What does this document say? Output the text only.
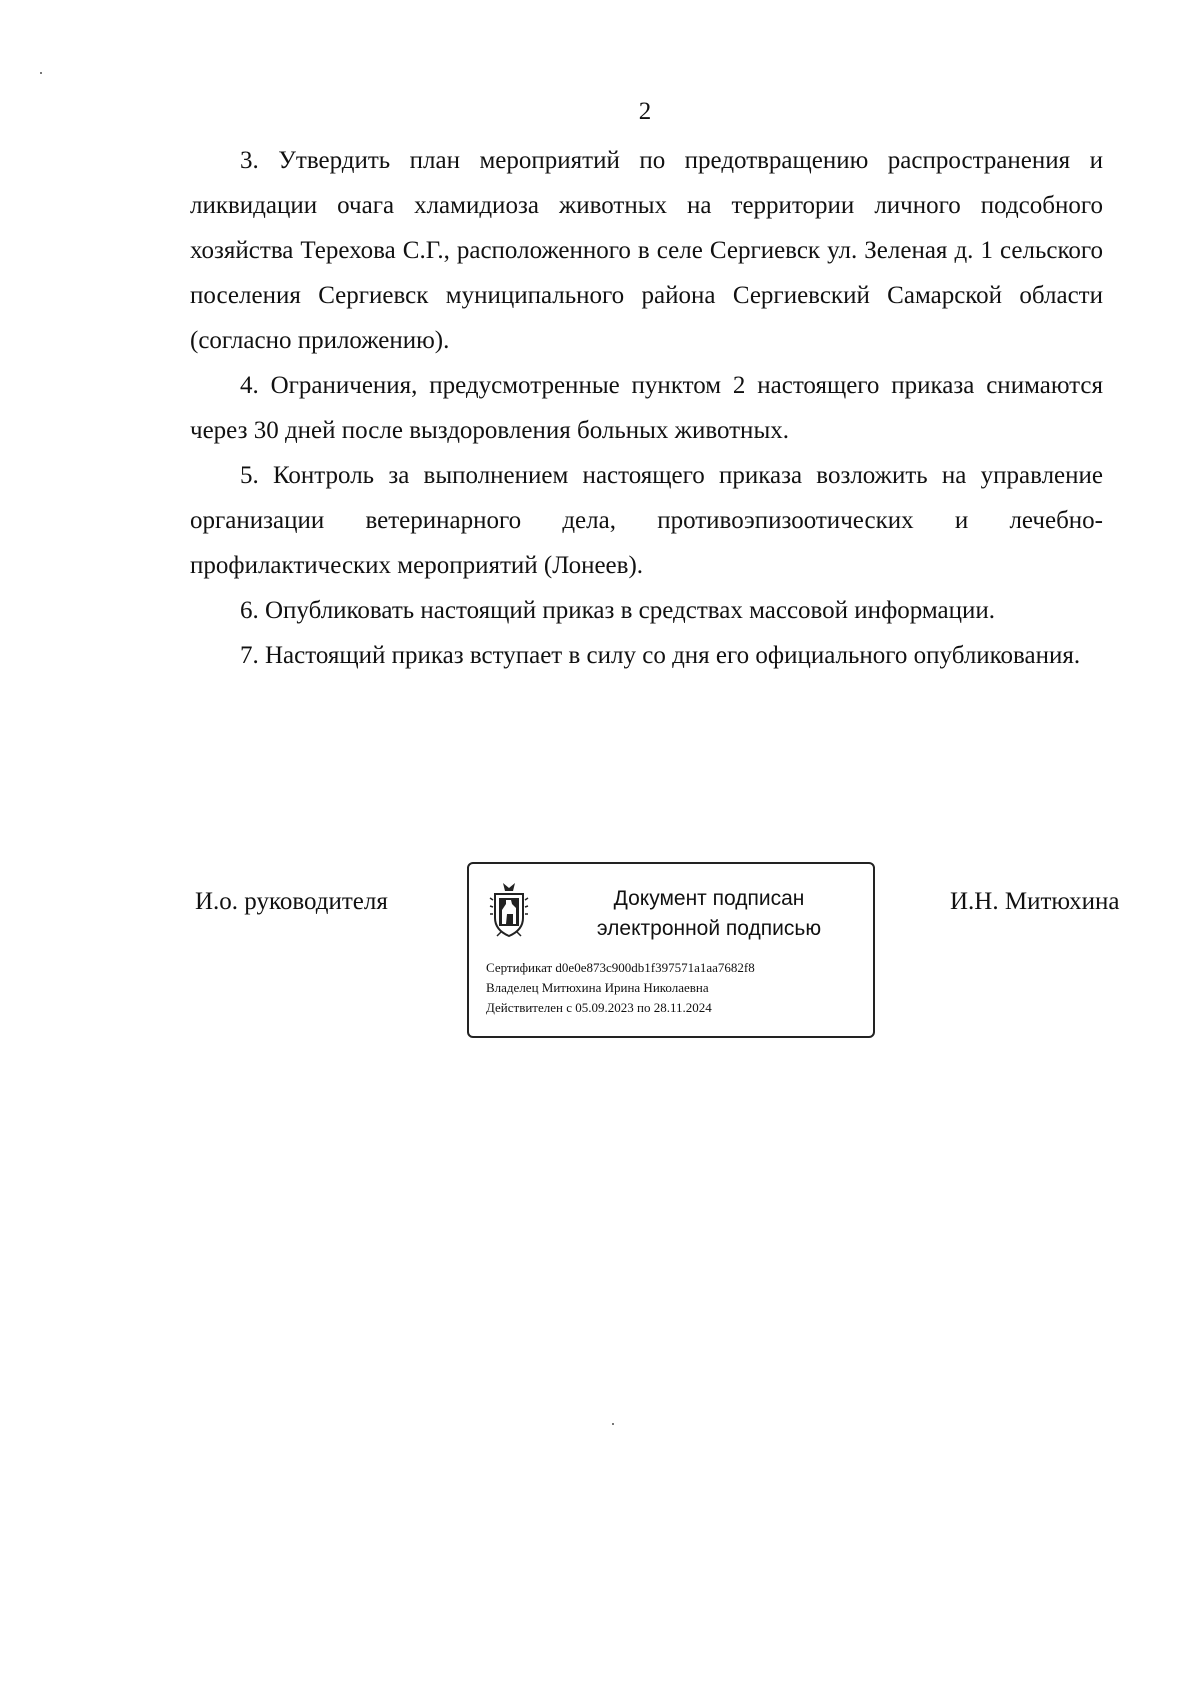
2

3. Утвердить план мероприятий по предотвращению распространения и ликвидации очага хламидиоза животных на территории личного подсобного хозяйства Терехова С.Г., расположенного в селе Сергиевск ул. Зеленая д. 1 сельского поселения Сергиевск муниципального района Сергиевский Самарской области (согласно приложению).

4. Ограничения, предусмотренные пунктом 2 настоящего приказа снимаются через 30 дней после выздоровления больных животных.

5. Контроль за выполнением настоящего приказа возложить на управление организации ветеринарного дела, противоэпизоотических и лечебно-профилактических мероприятий (Лонеев).

6. Опубликовать настоящий приказ в средствах массовой информации.

7. Настоящий приказ вступает в силу со дня его официального опубликования.

И.о. руководителя	Документ подписан
электронной подписью
Сертификат d0e0e873c900db1f397571a1aa7682f8
Владелец Митюхина Ирина Николаевна
Действителен с 05.09.2023 по 28.11.2024
И.Н. Митюхина
